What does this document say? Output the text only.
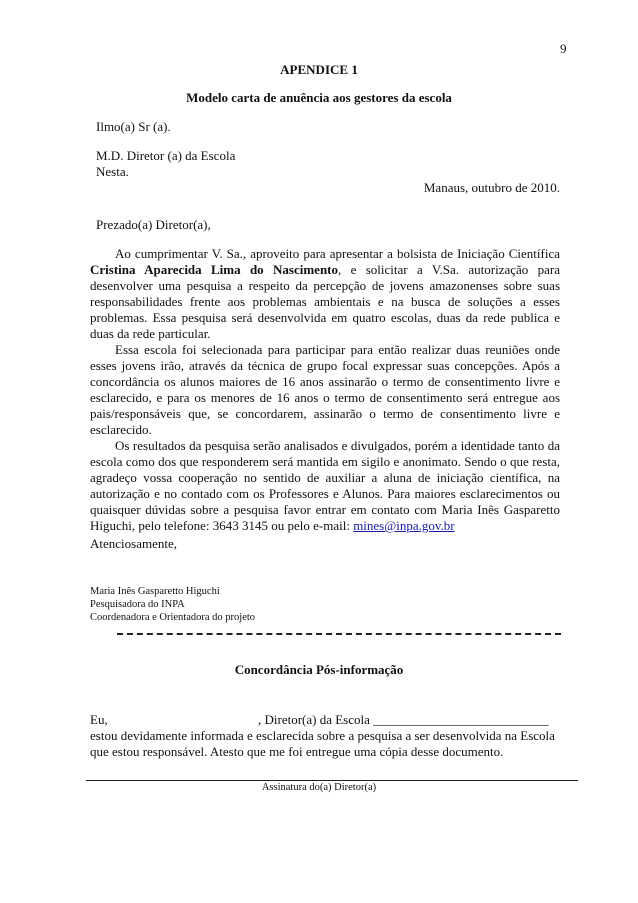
9
APENDICE 1
Modelo carta de anuência aos gestores da escola
Ilmo(a) Sr (a).
M.D. Diretor (a) da Escola
Nesta.
Manaus, outubro de 2010.
Prezado(a) Diretor(a),

Ao cumprimentar V. Sa., aproveito para apresentar a bolsista de Iniciação Científica Cristina Aparecida Lima do Nascimento, e solicitar a V.Sa. autorização para desenvolver uma pesquisa a respeito da percepção de jovens amazonenses sobre suas responsabilidades frente aos problemas ambientais e na busca de soluções a esses problemas. Essa pesquisa será desenvolvida em quatro escolas, duas da rede publica e duas da rede particular.

Essa escola foi selecionada para participar para então realizar duas reuniões onde esses jovens irão, através da técnica de grupo focal expressar suas concepções. Após a concordância os alunos maiores de 16 anos assinarão o termo de consentimento livre e esclarecido, e para os menores de 16 anos o termo de consentimento será entregue aos pais/responsáveis que, se concordarem, assinarão o termo de consentimento livre e esclarecido.

Os resultados da pesquisa serão analisados e divulgados, porém a identidade tanto da escola como dos que responderem será mantida em sigilo e anonimato. Sendo o que resta, agradeço vossa cooperação no sentido de auxiliar a aluna de iniciação científica, na autorização e no contado com os Professores e Alunos. Para maiores esclarecimentos ou quaisquer dúvidas sobre a pesquisa favor entrar em contato com Maria Inês Gasparetto Higuchi, pelo telefone: 3643 3145 ou pelo e-mail: mines@inpa.gov.br

Atenciosamente,
Maria Inês Gasparetto Higuchi
Pesquisadora do INPA
Coordenadora e Orientadora do projeto
Concordância Pós-informação
Eu,	, Diretor(a) da Escola ___________________________
estou devidamente informada e esclarecida sobre a pesquisa a ser desenvolvida na Escola
que estou responsável. Atesto que me foi entregue uma cópia desse documento.
Assinatura do(a) Diretor(a)
